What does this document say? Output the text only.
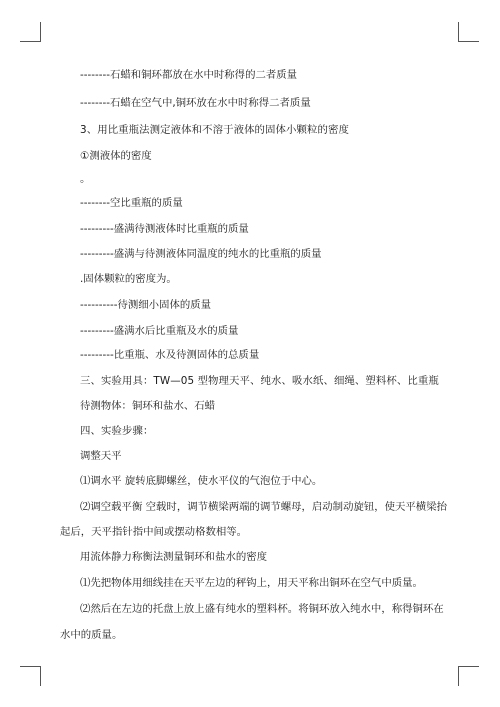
--------石蜡和铜环都放在水中时称得的二者质量
--------石蜡在空气中,铜环放在水中时称得二者质量
3、用比重瓶法测定液体和不溶于液体的固体小颗粒的密度
①测液体的密度
。
--------空比重瓶的质量
---------盛满待测液体时比重瓶的质量
---------盛满与待测液体同温度的纯水的比重瓶的质量
.固体颗粒的密度为。
----------待测细小固体的质量
---------盛满水后比重瓶及水的质量
---------比重瓶、水及待测固体的总质量
三、实验用具：TW—05 型物理天平、纯水、吸水纸、细绳、塑料杯、比重瓶
待测物体：铜环和盐水、石蜡
四、实验步骤：
调整天平
⑴调水平 旋转底脚螺丝，使水平仪的气泡位于中心。
⑵调空载平衡 空载时，调节横梁两端的调节螺母，启动制动旋钮，使天平横梁抬
起后，天平指针指中间或摆动格数相等。
用流体静力称衡法测量铜环和盐水的密度
⑴先把物体用细线挂在天平左边的秤钩上，用天平称出铜环在空气中质量。
⑵然后在左边的托盘上放上盛有纯水的塑料杯。将铜环放入纯水中，称得铜环在
水中的质量。
